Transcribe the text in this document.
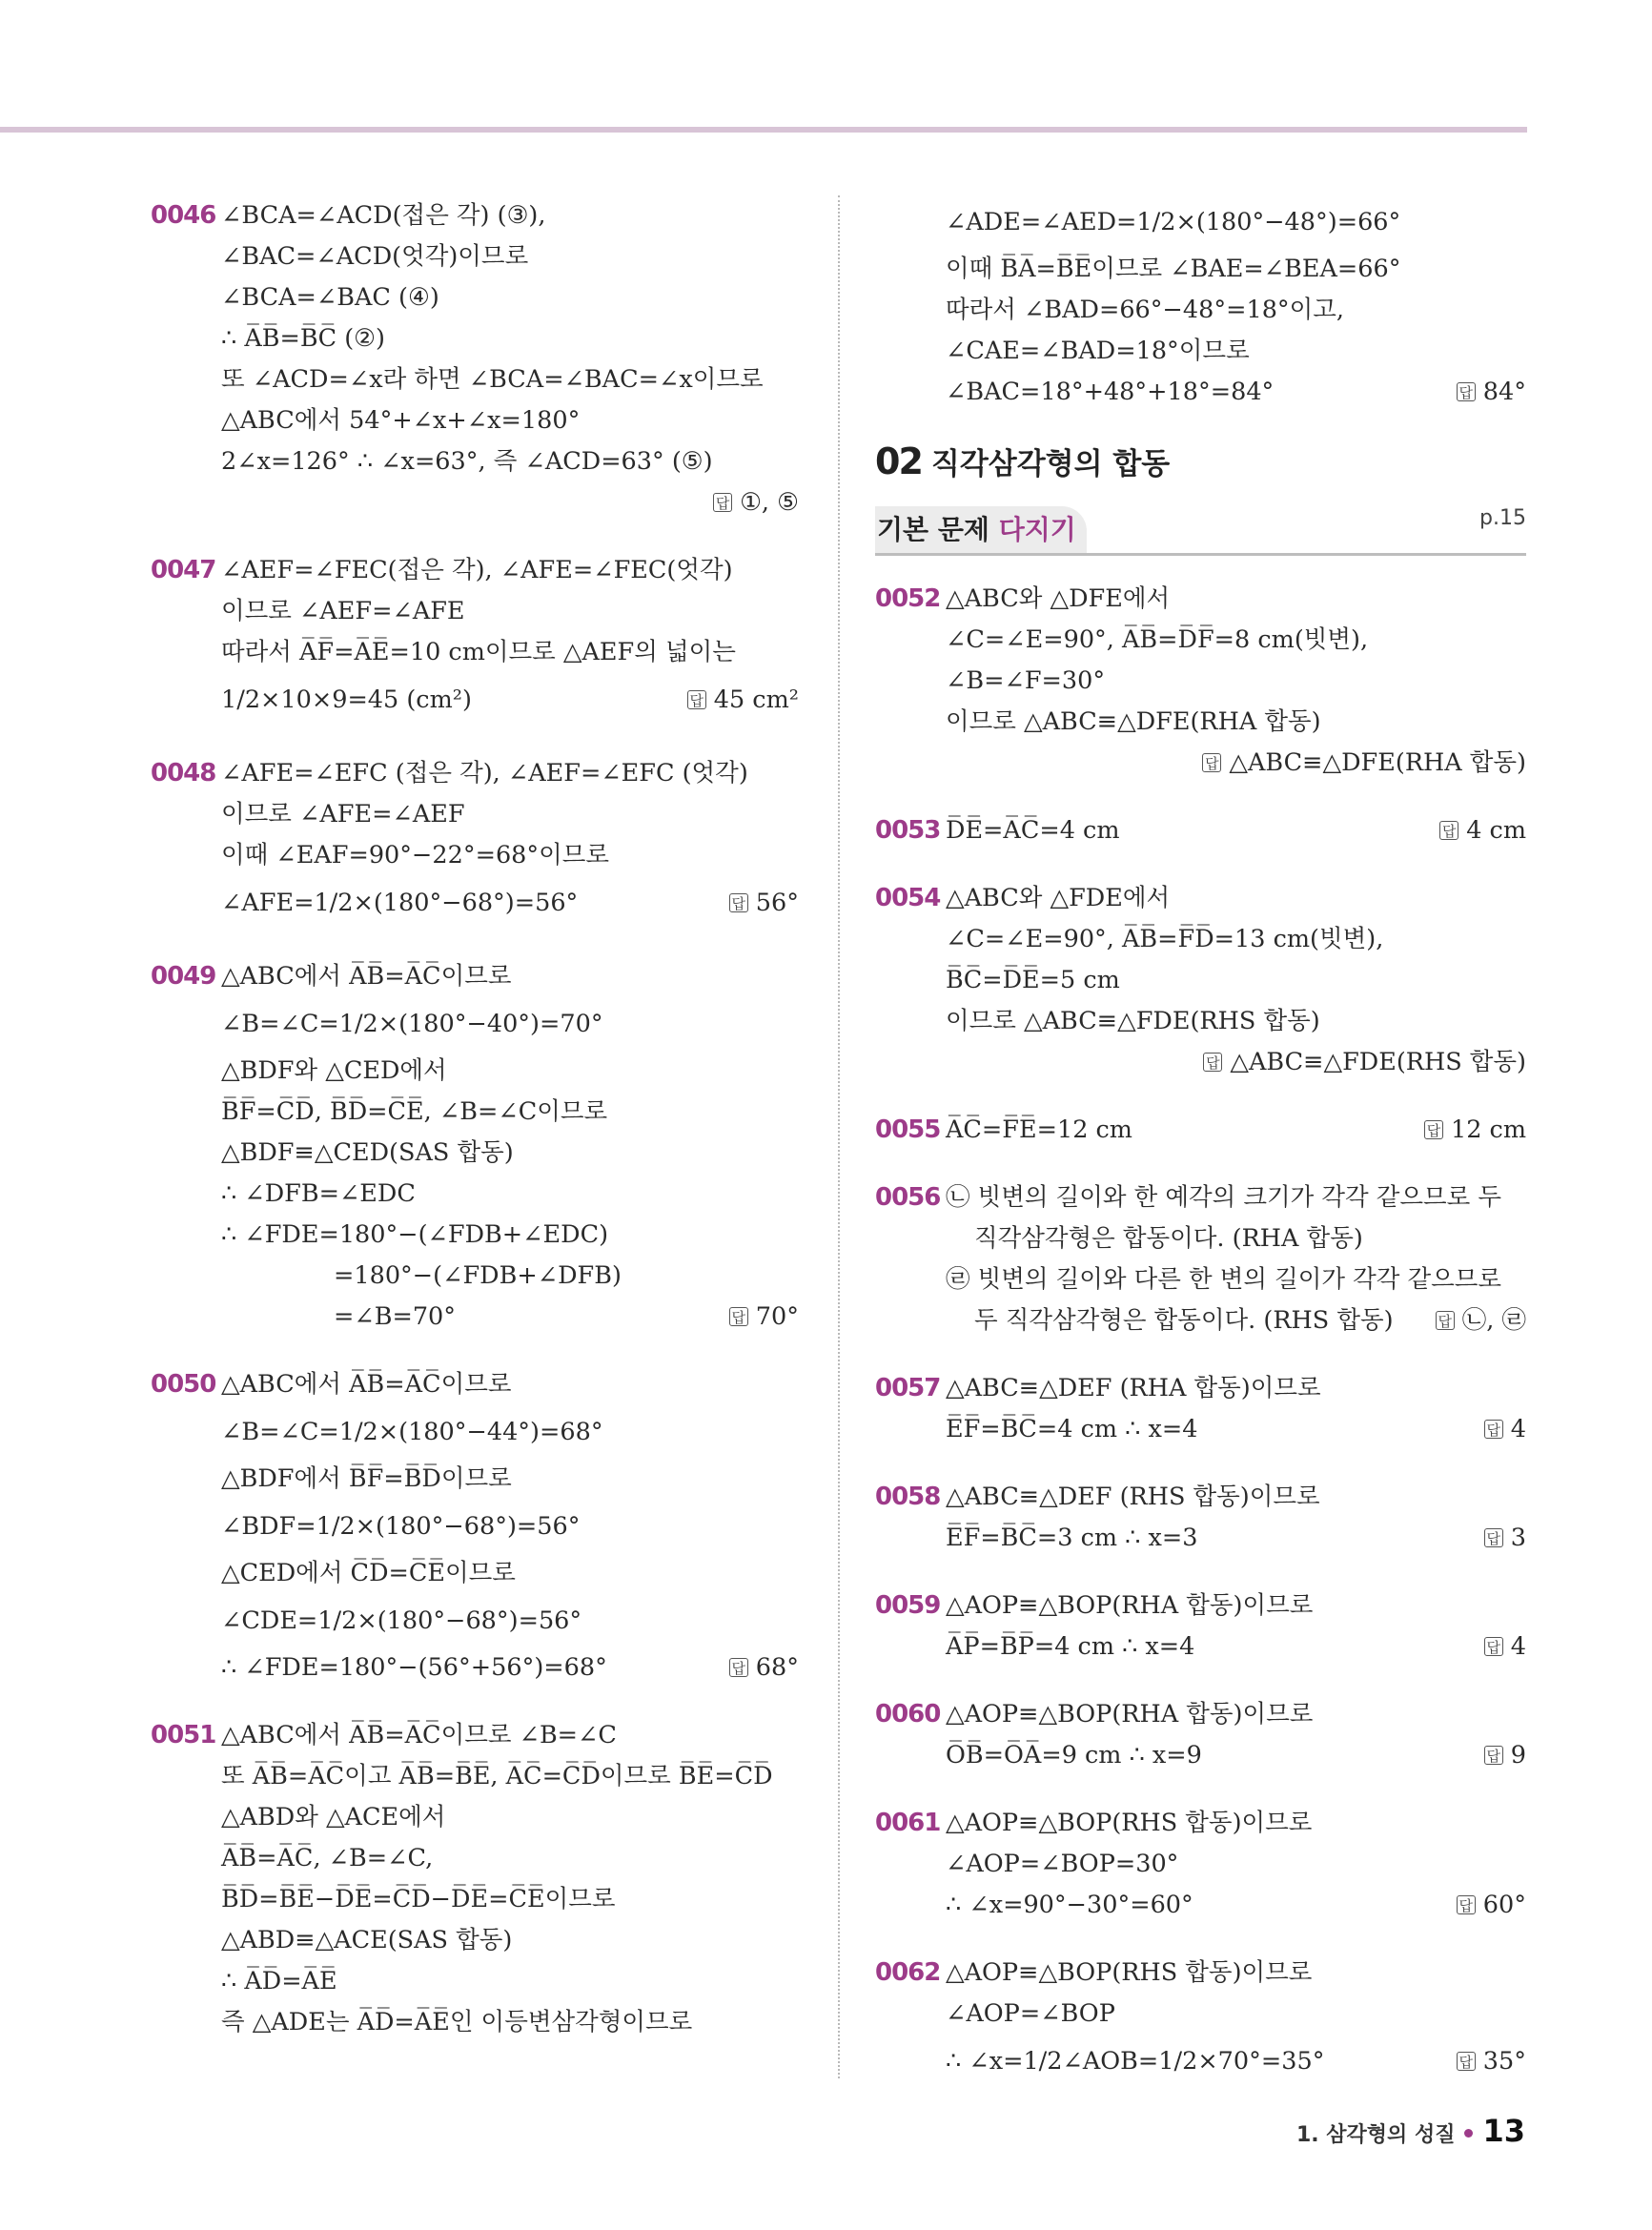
0046 ∠BCA=∠ACD(접은 각) (③),
∠BAC=∠ACD(엇각)이므로
∠BCA=∠BAC (④)
∴ A̅B̅=B̅C̅ (②)
또 ∠ACD=∠x라 하면 ∠BCA=∠BAC=∠x이므로
△ABC에서 54°+∠x+∠x=180°
2∠x=126° ∴ ∠x=63°, 즉 ∠ACD=63° (⑤)
답 ①, ⑤
0047 ∠AEF=∠FEC(접은 각), ∠AFE=∠FEC(엇각)
이므로 ∠AEF=∠AFE
따라서 A̅F̅=A̅E̅=10 cm이므로 △AEF의 넓이는
1/2×10×9=45 (cm²)	답 45 cm²
0048 ∠AFE=∠EFC (접은 각), ∠AEF=∠EFC (엇각)
이므로 ∠AFE=∠AEF
이때 ∠EAF=90°−22°=68°이므로
∠AFE=1/2×(180°−68°)=56°	답 56°
0049 △ABC에서 A̅B̅=A̅C̅이므로
∠B=∠C=1/2×(180°−40°)=70°
△BDF와 △CED에서
B̅F̅=C̅D̅, B̅D̅=C̅E̅, ∠B=∠C이므로
△BDF≡△CED(SAS 합동)
∴ ∠DFB=∠EDC
∴ ∠FDE=180°−(∠FDB+∠EDC)
=180°−(∠FDB+∠DFB)
=∠B=70°	답 70°
0050 △ABC에서 A̅B̅=A̅C̅이므로
∠B=∠C=1/2×(180°−44°)=68°
△BDF에서 B̅F̅=B̅D̅이므로
∠BDF=1/2×(180°−68°)=56°
△CED에서 C̅D̅=C̅E̅이므로
∠CDE=1/2×(180°−68°)=56°
∴ ∠FDE=180°−(56°+56°)=68°	답 68°
0051 △ABC에서 A̅B̅=A̅C̅이므로 ∠B=∠C
또 A̅B̅=A̅C̅이고 A̅B̅=B̅E̅, A̅C̅=C̅D̅이므로 B̅E̅=C̅D̅
△ABD와 △ACE에서
A̅B̅=A̅C̅, ∠B=∠C,
B̅D̅=B̅E̅−D̅E̅=C̅D̅−D̅E̅=C̅E̅이므로
△ABD≡△ACE(SAS 합동)
∴ A̅D̅=A̅E̅
즉 △ADE는 A̅D̅=A̅E̅인 이등변삼각형이므로
∠ADE=∠AED=1/2×(180°−48°)=66°
이때 B̅A̅=B̅E̅이므로 ∠BAE=∠BEA=66°
따라서 ∠BAD=66°−48°=18°이고,
∠CAE=∠BAD=18°이므로
∠BAC=18°+48°+18°=84°	답 84°
02 직각삼각형의 합동
기본 문제 다지기	p.15
0052 △ABC와 △DFE에서
∠C=∠E=90°, A̅B̅=D̅F̅=8 cm(빗변),
∠B=∠F=30°
이므로 △ABC≡△DFE(RHA 합동)
답 △ABC≡△DFE(RHA 합동)
0053 D̅E̅=A̅C̅=4 cm	답 4 cm
0054 △ABC와 △FDE에서
∠C=∠E=90°, A̅B̅=F̅D̅=13 cm(빗변),
B̅C̅=D̅E̅=5 cm
이므로 △ABC≡△FDE(RHS 합동)
답 △ABC≡△FDE(RHS 합동)
0055 A̅C̅=F̅E̅=12 cm	답 12 cm
0056 ㉡ 빗변의 길이와 한 예각의 크기가 각각 같으므로 두 직각삼각형은 합동이다. (RHA 합동)
㉣ 빗변의 길이와 다른 한 변의 길이가 각각 같으므로 두 직각삼각형은 합동이다. (RHS 합동)	답 ㉡, ㉣
0057 △ABC≡△DEF (RHA 합동)이므로
E̅F̅=B̅C̅=4 cm ∴ x=4	답 4
0058 △ABC≡△DEF (RHS 합동)이므로
E̅F̅=B̅C̅=3 cm ∴ x=3	답 3
0059 △AOP≡△BOP(RHA 합동)이므로
A̅P̅=B̅P̅=4 cm ∴ x=4	답 4
0060 △AOP≡△BOP(RHA 합동)이므로
O̅B̅=O̅A̅=9 cm ∴ x=9	답 9
0061 △AOP≡△BOP(RHS 합동)이므로
∠AOP=∠BOP=30°
∴ ∠x=90°−30°=60°	답 60°
0062 △AOP≡△BOP(RHS 합동)이므로
∠AOP=∠BOP
∴ ∠x=1/2∠AOB=1/2×70°=35°	답 35°
1. 삼각형의 성질 13
